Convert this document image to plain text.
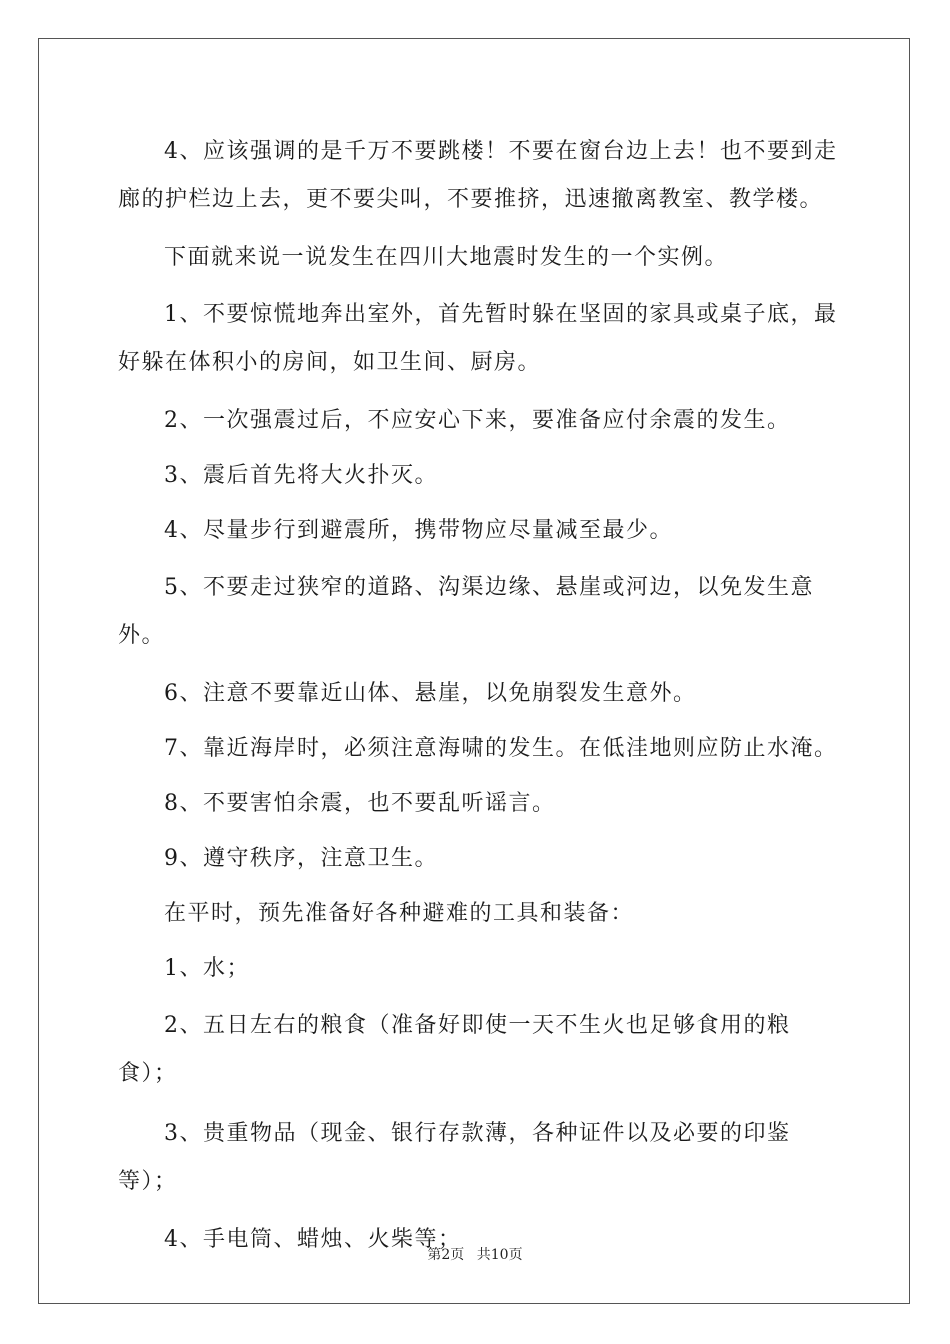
4、应该强调的是千万不要跳楼！不要在窗台边上去！也不要到走廊的护栏边上去，更不要尖叫，不要推挤，迅速撤离教室、教学楼。

下面就来说一说发生在四川大地震时发生的一个实例。

1、不要惊慌地奔出室外，首先暂时躲在坚固的家具或桌子底，最好躲在体积小的房间，如卫生间、厨房。

2、一次强震过后，不应安心下来，要准备应付余震的发生。

3、震后首先将大火扑灭。

4、尽量步行到避震所，携带物应尽量减至最少。

5、不要走过狭窄的道路、沟渠边缘、悬崖或河边，以免发生意外。

6、注意不要靠近山体、悬崖，以免崩裂发生意外。

7、靠近海岸时，必须注意海啸的发生。在低洼地则应防止水淹。

8、不要害怕余震，也不要乱听谣言。

9、遵守秩序，注意卫生。

在平时，预先准备好各种避难的工具和装备：

1、水；

2、五日左右的粮食（准备好即使一天不生火也足够食用的粮食）；

3、贵重物品（现金、银行存款薄，各种证件以及必要的印鉴等）；

4、手电筒、蜡烛、火柴等；

第2页 共10页
